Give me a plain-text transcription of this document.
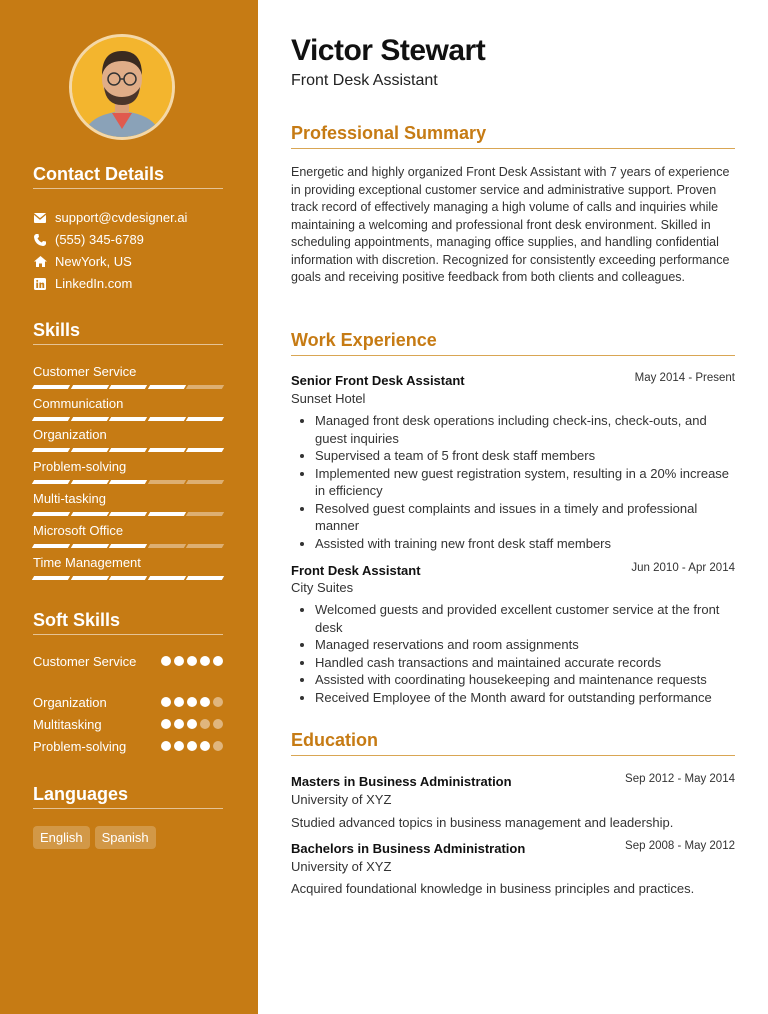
Contact Details
support@cvdesigner.ai
(555) 345-6789
NewYork, US
LinkedIn.com
Skills
Customer Service
Communication
Organization
Problem-solving
Multi-tasking
Microsoft Office
Time Management
Soft Skills
Customer Service
Organization
Multitasking
Problem-solving
Languages
English	Spanish
Victor Stewart
Front Desk Assistant
Professional Summary
Energetic and highly organized Front Desk Assistant with 7 years of experience in providing exceptional customer service and administrative support. Proven track record of effectively managing a high volume of calls and inquiries while maintaining a welcoming and professional front desk environment. Skilled in scheduling appointments, managing office supplies, and handling confidential information with discretion. Recognized for consistently exceeding performance goals and receiving positive feedback from both clients and colleagues.
Work Experience
Senior Front Desk Assistant	May 2014 - Present
Sunset Hotel
• Managed front desk operations including check-ins, check-outs, and guest inquiries
• Supervised a team of 5 front desk staff members
• Implemented new guest registration system, resulting in a 20% increase in efficiency
• Resolved guest complaints and issues in a timely and professional manner
• Assisted with training new front desk staff members
Front Desk Assistant	Jun 2010 - Apr 2014
City Suites
• Welcomed guests and provided excellent customer service at the front desk
• Managed reservations and room assignments
• Handled cash transactions and maintained accurate records
• Assisted with coordinating housekeeping and maintenance requests
• Received Employee of the Month award for outstanding performance
Education
Masters in Business Administration	Sep 2012 - May 2014
University of XYZ
Studied advanced topics in business management and leadership.
Bachelors in Business Administration	Sep 2008 - May 2012
University of XYZ
Acquired foundational knowledge in business principles and practices.
